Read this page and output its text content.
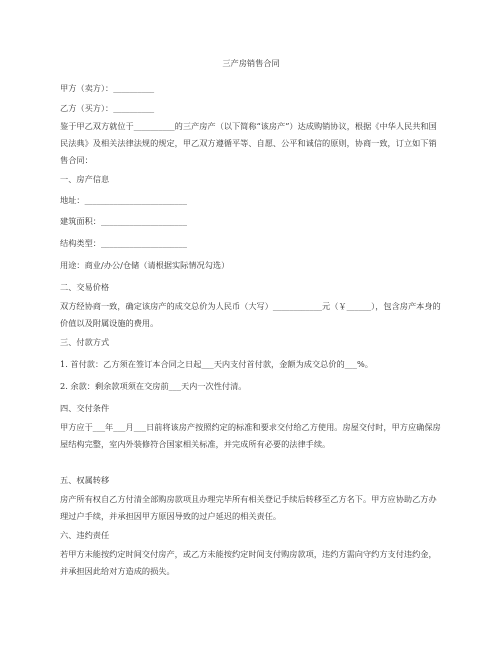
三产房销售合同
甲方（卖方）：__________
乙方（买方）：__________
鉴于甲乙双方就位于__________的三产房产（以下简称“该房产”）达成购销协议，根据《中华人民共和国民法典》及相关法律法规的规定，甲乙双方遵循平等、自愿、公平和诚信的原则，协商一致，订立如下销售合同：
一、房产信息
地址：_________________________
建筑面积：_____________________
结构类型：_____________________
用途：商业/办公/仓储（请根据实际情况勾选）
二、交易价格
双方经协商一致，确定该房产的成交总价为人民币（大写）____________元（￥______），包含房产本身的价值以及附属设施的费用。
三、付款方式
1. 首付款：乙方须在签订本合同之日起___天内支付首付款，金额为成交总价的___%。
2. 余款：剩余款项须在交房前___天内一次性付清。
四、交付条件
甲方应于___年___月___日前将该房产按照约定的标准和要求交付给乙方使用。房屋交付时，甲方应确保房屋结构完整，室内外装修符合国家相关标准，并完成所有必要的法律手续。
五、权属转移
房产所有权自乙方付清全部购房款项且办理完毕所有相关登记手续后转移至乙方名下。甲方应协助乙方办理过户手续，并承担因甲方原因导致的过户延迟的相关责任。
六、违约责任
若甲方未能按约定时间交付房产，或乙方未能按约定时间支付购房款项，违约方需向守约方支付违约金，并承担因此给对方造成的损失。
